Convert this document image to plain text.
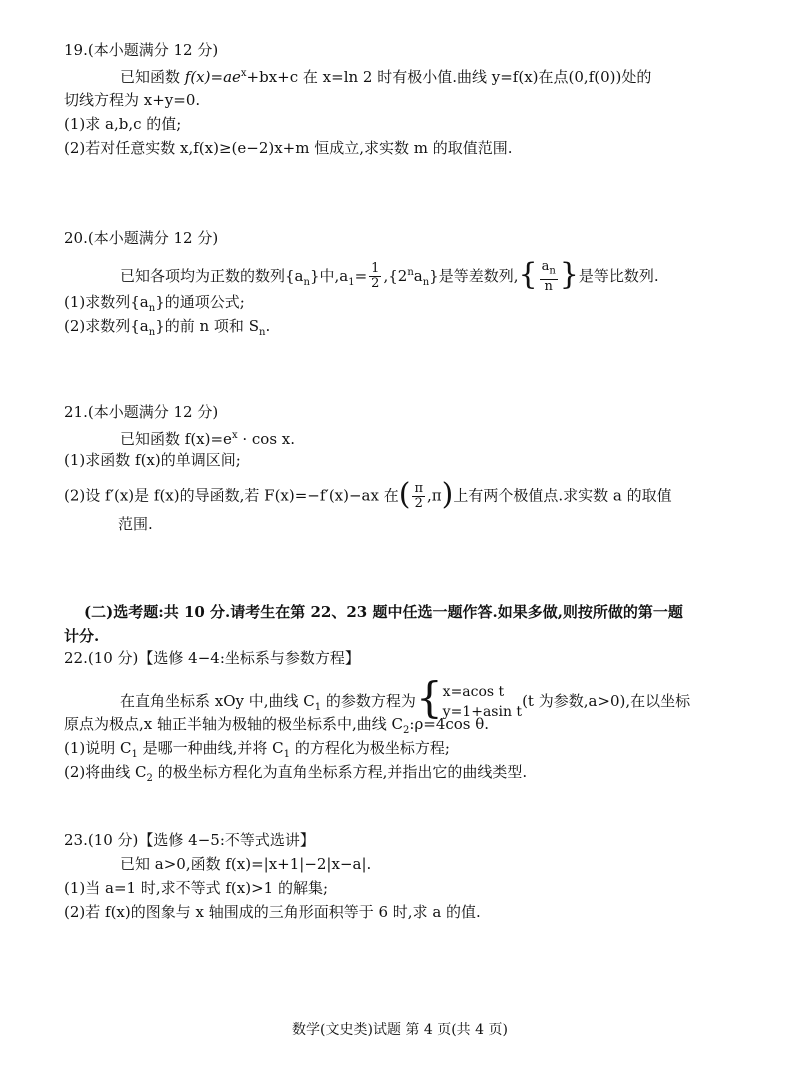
19.(本小题满分 12 分)
已知函数 $f(x)=ae^x+bx+c$ 在 x=ln 2 时有极小值.曲线 y=f(x)在点(0,f(0))处的
切线方程为 x+y=0.
(1)求 a,b,c 的值;
(2)若对任意实数 x,f(x)≥(e−2)x+m 恒成立,求实数 m 的取值范围.
20.(本小题满分 12 分)
已知各项均为正数的数列$\{a_n\}$中$,a_1= \frac{1}{2} ,\{2^na_n\}$是等差数列,{ $\frac{a_n}{n}$ }是等比数列.
(1)求数列$\{a_n\}$的通项公式;
(2)求数列$\{a_n\}$的前 n 项和 $S_n$.
21.(本小题满分 12 分)
已知函数 $f(x)=e^x \cdot \cos x$.
(1)求函数 f(x)的单调区间;
(2)设 f′(x)是 f(x)的导函数,若 F(x)=−f′(x)−ax 在( $\frac{\pi}{2} ,\pi$)上有两个极值点.求实数 a 的取值
范围.
(二)选考题:共 10 分.请考生在第 22、23 题中任选一题作答.如果多做,则按所做的第一题
计分.
22.(10 分)【选修 4−4:坐标系与参数方程】
在直角坐标系 xOy 中,曲线 $C_1$ 的参数方程为{ x=acos t
y=1+asin t
(t 为参数,a>0),在以坐标
原点为极点,x 轴正半轴为极轴的极坐标系中,曲线 $C_2:\rho=4\cos$ θ.
(1)说明 $C_1$ 是哪一种曲线,并将 $C_1$ 的方程化为极坐标方程;
(2)将曲线 $C_2$ 的极坐标方程化为直角坐标系方程,并指出它的曲线类型.
23.(10 分)【选修 4−5:不等式选讲】
已知 a>0,函数 f(x)=|x+1|−2|x−a|.
(1)当 a=1 时,求不等式 f(x)>1 的解集;
(2)若 f(x)的图象与 x 轴围成的三角形面积等于 6 时,求 a 的值.
数学(文史类)试题 第 4 页(共 4 页)
